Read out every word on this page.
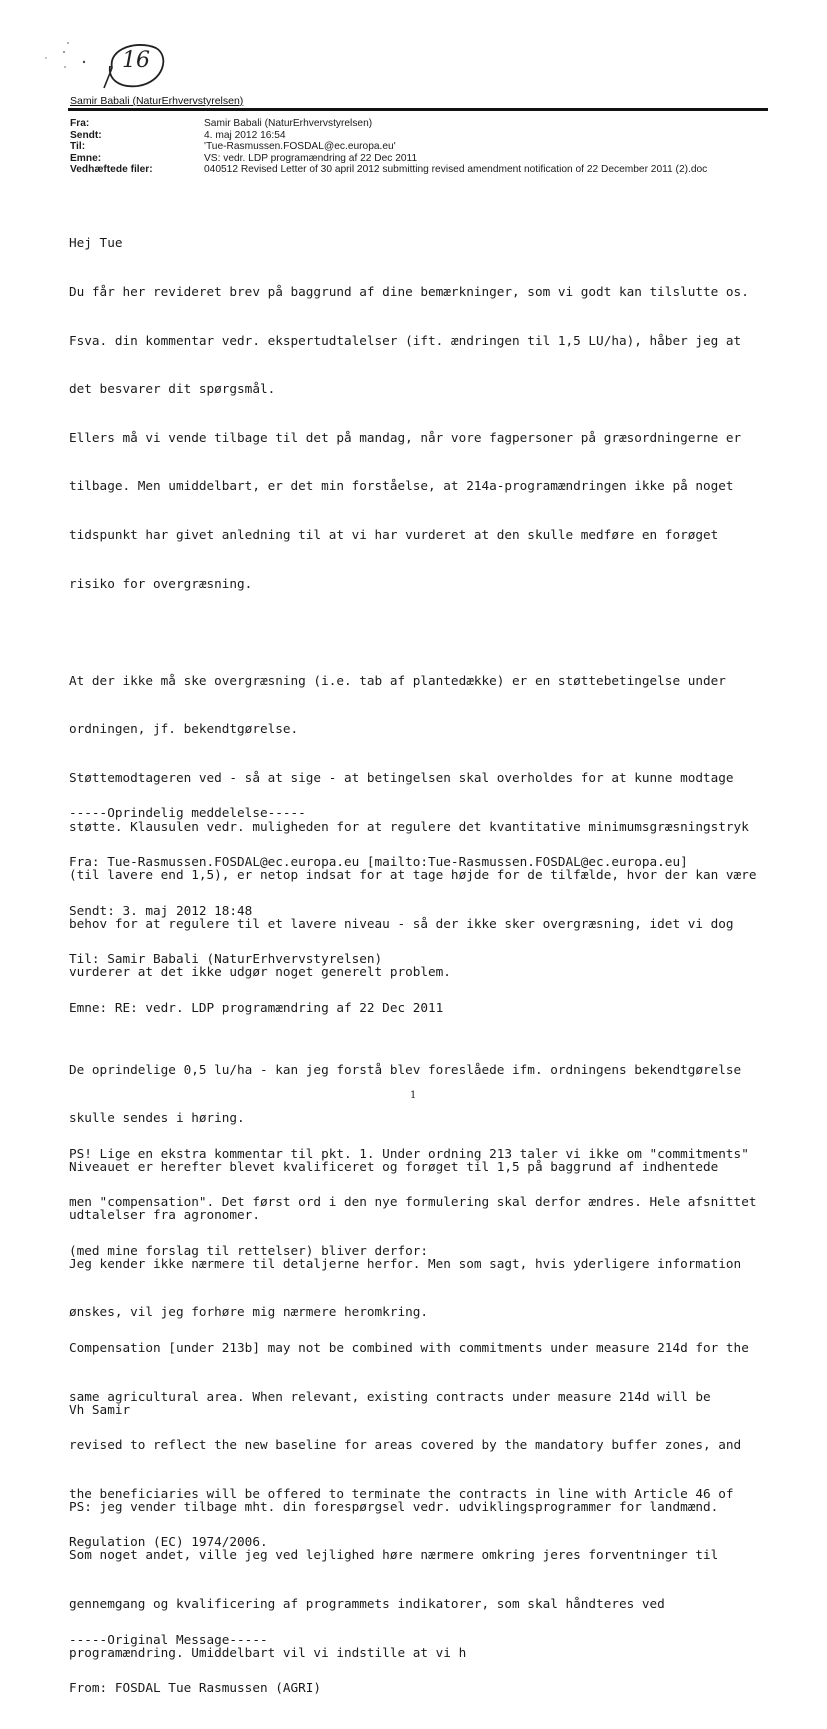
16
Samir Babali (NaturErhvervstyrelsen)
Fra:	Samir Babali (NaturErhvervstyrelsen)
Sendt:	4. maj 2012 16:54
Til:	'Tue-Rasmussen.FOSDAL@ec.europa.eu'
Emne:	VS: vedr. LDP programændring af 22 Dec 2011
Vedhæftede filer:	040512 Revised Letter of 30 april 2012 submitting revised amendment notification of 22 December 2011 (2).doc

Hej Tue

Du får her revideret brev på baggrund af dine bemærkninger, som vi godt kan tilslutte os.

Fsva. din kommentar vedr. ekspertudtalelser (ift. ændringen til 1,5 LU/ha), håber jeg at

det besvarer dit spørgsmål.

Ellers må vi vende tilbage til det på mandag, når vore fagpersoner på græsordningerne er

tilbage. Men umiddelbart, er det min forståelse, at 214a-programændringen ikke på noget

tidspunkt har givet anledning til at vi har vurderet at den skulle medføre en forøget

risiko for overgræsning.

At der ikke må ske overgræsning (i.e. tab af plantedække) er en støttebetingelse under

ordningen, jf. bekendtgørelse.

Støttemodtageren ved - så at sige - at betingelsen skal overholdes for at kunne modtage

støtte. Klausulen vedr. muligheden for at regulere det kvantitative minimumsgræsningstryk

(til lavere end 1,5), er netop indsat for at tage højde for de tilfælde, hvor der kan være

behov for at regulere til et lavere niveau - så der ikke sker overgræsning, idet vi dog

vurderer at det ikke udgør noget generelt problem.

De oprindelige 0,5 lu/ha - kan jeg forstå blev foreslåede ifm. ordningens bekendtgørelse

skulle sendes i høring.

Niveauet er herefter blevet kvalificeret og forøget til 1,5 på baggrund af indhentede

udtalelser fra agronomer.

Jeg kender ikke nærmere til detaljerne herfor. Men som sagt, hvis yderligere information

ønskes, vil jeg forhøre mig nærmere heromkring.

Vh Samir

PS: jeg vender tilbage mht. din forespørgsel vedr. udviklingsprogrammer for landmænd.

Som noget andet, ville jeg ved lejlighed høre nærmere omkring jeres forventninger til

gennemgang og kvalificering af programmets indikatorer, som skal håndteres ved

programændring. Umiddelbart vil vi indstille at vi h

-----Oprindelig meddelelse-----

Fra: Tue-Rasmussen.FOSDAL@ec.europa.eu [mailto:Tue-Rasmussen.FOSDAL@ec.europa.eu]

Sendt: 3. maj 2012 18:48

Til: Samir Babali (NaturErhvervstyrelsen)

Emne: RE: vedr. LDP programændring af 22 Dec 2011

PS! Lige en ekstra kommentar til pkt. 1. Under ordning 213 taler vi ikke om "commitments"

men "compensation". Det først ord i den nye formulering skal derfor ændres. Hele afsnittet

(med mine forslag til rettelser) bliver derfor:

Compensation [under 213b] may not be combined with commitments under measure 214d for the

same agricultural area. When relevant, existing contracts under measure 214d will be

revised to reflect the new baseline for areas covered by the mandatory buffer zones, and

the beneficiaries will be offered to terminate the contracts in line with Article 46 of

Regulation (EC) 1974/2006.

-----Original Message-----

From: FOSDAL Tue Rasmussen (AGRI)

1
